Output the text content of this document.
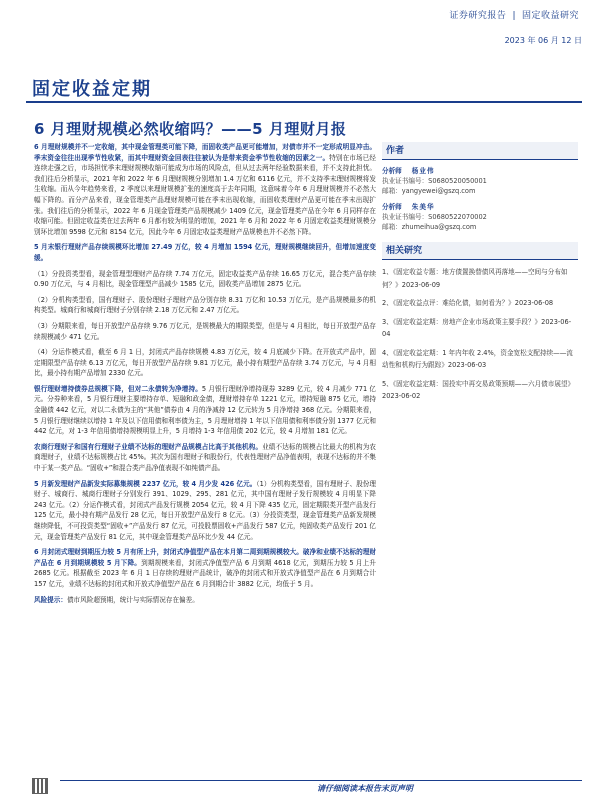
证券研究报告 | 固定收益研究
2023 年 06 月 12 日
固定收益定期
6 月理财规模必然收缩吗？——5 月理财月报

6 月理财规模并不一定收缩，其中现金管理类可能下降，而固收类产品更可能增加，对债市并不一定形成明显冲击。季末资金往往出现季节性收紧，而其中理财资金回表往往被认为是带来资金季节性收缩的因素之一。特别在市场已经连续走强之后，市场担忧季末理财规模收缩可能成为市场的风险点，但从过去两年经验数据来看，并不支持此担忧。我们往后分析显示，2021 年和 2022 年 6 月理财规模分别增加 1.4 万亿和 6116 亿元，并不支持季末理财规模将发生收缩。而从今年趋势来看，2 季度以来理财规模扩张的速度高于去年同期，这意味着今年 6 月理财规模并不必然大幅下降的。而分产品来看，现金管理类产品理财规模可能在季末出现收缩，而固收类理财产品更可能在季末出现扩张。我们往后的分析显示，2022 年 6 月现金管理类产品规模减少 1409 亿元，现金管理类产品在今年 6 月同样存在收缩可能。但固定收益类在过去两年 6 月都有较为明显的增加，2021 年 6 月和 2022 年 6 月固定收益类理财规模分别环比增加 9598 亿元和 8154 亿元，因此今年 6 月固定收益类理财产品规模也并不必然下降。

5 月末银行理财产品存续规模环比增加 27.49 万亿，较 4 月增加 1594 亿元，理财规模继续回升，但增加速度变缓。

（1）分投资类型看，现金管理型理财产品存续 7.74 万亿元，固定收益类产品存续 16.65 万亿元，混合类产品存续 0.90 万亿元，与 4 月相比，现金管理型产品减少 1585 亿元，固收类产品增加 2875 亿元。

（2）分机构类型看，国有理财子、股份理财子理财产品分别存续 8.31 万亿和 10.53 万亿元，是产品规模最多的机构类型。城商行和城商行理财子分别存续 2.18 万亿元和 2.47 万亿元。

（3）分期限来看，每日开放型产品存续 9.76 万亿元，是规模最大的期限类型，但是与 4 月相比，每日开放型产品存续规模减少 471 亿元。

（4）分运作模式看，截至 6 月 1 日，封闭式产品存续规模 4.83 万亿元，较 4 月底减少下降。在开放式产品中，固定期限型产品存续 6.13 万亿元，每日开放型产品存续 9.81 万亿元，最小持有期型产品存续 3.74 万亿元，与 4 月相比，最小持有期产品增加 2330 亿元。

银行理财增持债券总规模下降，但对二永债转为净增持。5 月银行理财净增持现券 3289 亿元，较 4 月减少 771 亿元。分券种来看，5 月银行理财主要增持存单、短融和政金债，理财增持存单 1221 亿元，增持短融 875 亿元，增持金融债 442 亿元，对以二永债为主的“其他”债券由 4 月的净减持 12 亿元转为 5 月净增持 368 亿元。分期限来看，5 月银行理财继续以增持 1 年及以下信用债和利率债为主，5 月理财增持 1 年以下信用债和利率债分别 1377 亿元和 442 亿元，对 1-3 年信用债增持规模明显上升，5 月增持 1-3 年信用债 202 亿元，较 4 月增加 181 亿元。

农商行理财子和国有行理财子业绩不达标的理财产品规模占比高于其他机构。业绩不达标的规模占比最大的机构为农商理财子，业绩不达标规模占比 45%。其次为国有理财子和股份行，代表性理财产品净值表明，表现不达标的并不集中于某一类产品。“固收+”和混合类产品净值表现不如纯债产品。

5 月新发理财产品新发实际募集规模 2237 亿元，较 4 月少发 426 亿元。（1）分机构类型看，国有理财子、股份理财子、城商行、城商行理财子分别发行 391、1029、295、281 亿元，其中国有理财子发行规模较 4 月明显下降 243 亿元。（2）分运作模式看，封闭式产品发行规模 2054 亿元，较 4 月下降 435 亿元，固定期限类开型产品发行 125 亿元，最小持有期产品发行 28 亿元，每日开放型产品发行 8 亿元。（3）分投资类型，现金管理类产品新发规模继续降低，不可投资类型“固收+”产品发行 87 亿元，可投股票固收+产品发行 587 亿元，纯固收类产品发行 201 亿元，现金管理类产品发行 81 亿元，其中现金管理类产品环比少发 44 亿元。

6 月封闭式理财到期压力较 5 月有所上升，封闭式净值型产品在本月第二周到期规模较大。破净和业绩不达标的理财产品在 6 月到期规模较 5 月下降。到期规模来看，封闭式净值型产品 6 月到期 4618 亿元，到期压力较 5 月上升 2685 亿元。根据截至 2023 年 6 月 1 日存续的理财产品统计，破净的封闭式和开放式净值型产品在 6 月到期合计 157 亿元，业绩不达标的封闭式和开放式净值型产品在 6 月到期合计 3882 亿元，均低于 5 月。

风险提示：债市风险超预期，统计与实际情况存在偏差。

作者
分析师 杨业伟
执业证书编号：S0680520050001
邮箱：yangyewei@gszq.com
分析师 朱美华
执业证书编号：S0680522070002
邮箱：zhumeihua@gszq.com
相关研究
1、《固定收益专题：地方债置换替债风再落地——空间与分布如何？》2023-06-09
2、《固定收益点评：难给化债，如何看为？》2023-06-08
3、《固定收益定期：房地产企业市场政策主要手段？》2023-06-04
4、《固定收益定期：1 年内年收 2.4%，资金宽松支配持续——流动性和机构行为跟踪》2023-06-03
5、《固定收益定期：国投实中再交易政策预期——六月债市展望》2023-06-02
请仔细阅读本报告末页声明
